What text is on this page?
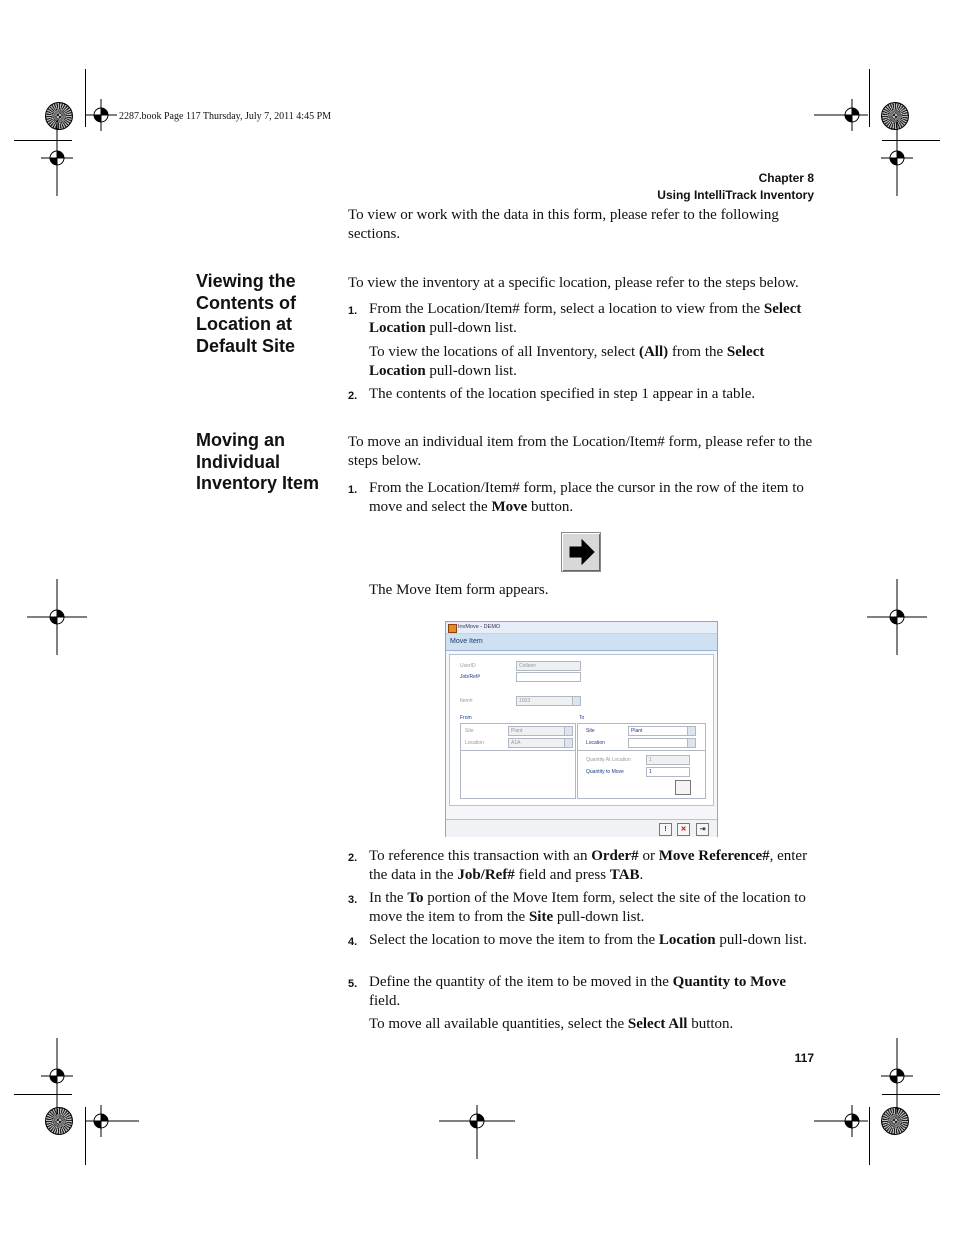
2287.book Page 117 Thursday, July 7, 2011 4:45 PM
Chapter 8
Using IntelliTrack Inventory
To view or work with the data in this form, please refer to the following sections.
Viewing the
Contents of
Location at
Default Site
To view the inventory at a specific location, please refer to the steps below.
1. From the Location/Item# form, select a location to view from the Select Location pull-down list.
To view the locations of all Inventory, select (All) from the Select Location pull-down list.
2. The contents of the location specified in step 1 appear in a table.
Moving an
Individual
Inventory Item
To move an individual item from the Location/Item# form, please refer to the steps below.
1. From the Location/Item# form, place the cursor in the row of the item to move and select the Move button.
The Move Item form appears.
InvMove - DEMO
Move Item
UserID	Colleen
Job/Ref#
Item#	1003
From	To
Site	Plant
Location	A1A
Site	Plant
Location
Quantity At Location	1
Quantity to Move	1
!	✕	⇥
2. To reference this transaction with an Order# or Move Reference#, enter the data in the Job/Ref# field and press TAB.
3. In the To portion of the Move Item form, select the site of the location to move the item to from the Site pull-down list.
4. Select the location to move the item to from the Location pull-down list.
5. Define the quantity of the item to be moved in the Quantity to Move field.
To move all available quantities, select the Select All button.
117
